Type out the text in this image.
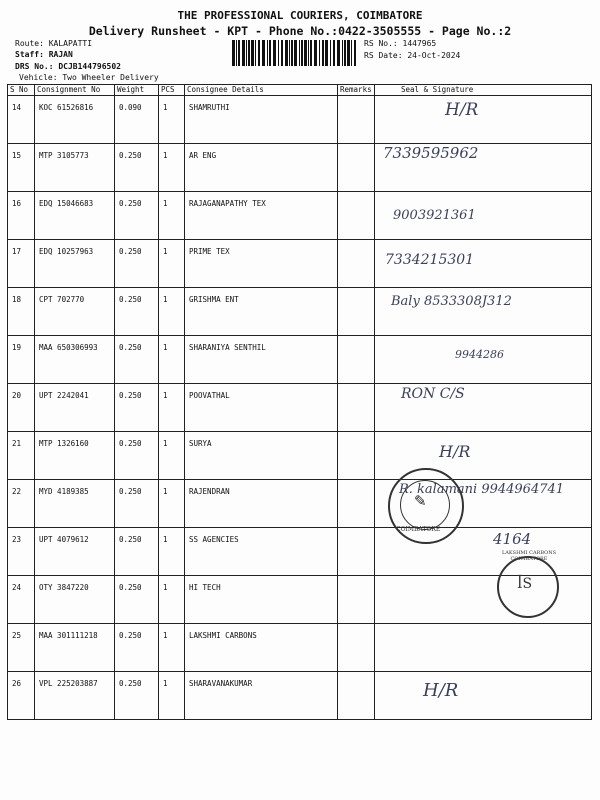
THE PROFESSIONAL COURIERS, COIMBATORE
Delivery Runsheet - KPT - Phone No.:0422-3505555 - Page No.:2
Route: KALAPATTI
Staff: RAJAN
DRS No.: DCJB144796502
Vehicle: Two Wheeler Delivery
RS No.: 1447965
RS Date: 24-Oct-2024
S No	Consignment No	Weight	PCS	Consignee Details	Remarks	Seal & Signature
14	KOC 61526816	0.090	1	SHAMRUTHI		H/R

15	MTP 3105773	0.250	1	AR ENG		7339595962

16	EDQ 15046683	0.250	1	RAJAGANAPATHY TEX		9003921361

17	EDQ 10257963	0.250	1	PRIME TEX		7334215301

18	CPT 702770	0.250	1	GRISHMA ENT		Baly 8533308J312

19	MAA 650306993	0.250	1	SHARANIYA SENTHIL		9944286

20	UPT 2242041	0.250	1	POOVATHAL		RON C/S

21	MTP 1326160	0.250	1	SURYA		H/R

22	MYD 4189385	0.250	1	RAJENDRAN		R. kalamani 9944964741

23	UPT 4079612	0.250	1	SS AGENCIES		4164

24	OTY 3847220	0.250	1	HI TECH		
25	MAA 301111218	0.250	1	LAKSHMI CARBONS		
26	VPL 225203887	0.250	1	SHARAVANAKUMAR		H/R
✎
COIMBATORE
ꟾS
LAKSHMI CARBONS COIMBATORE
